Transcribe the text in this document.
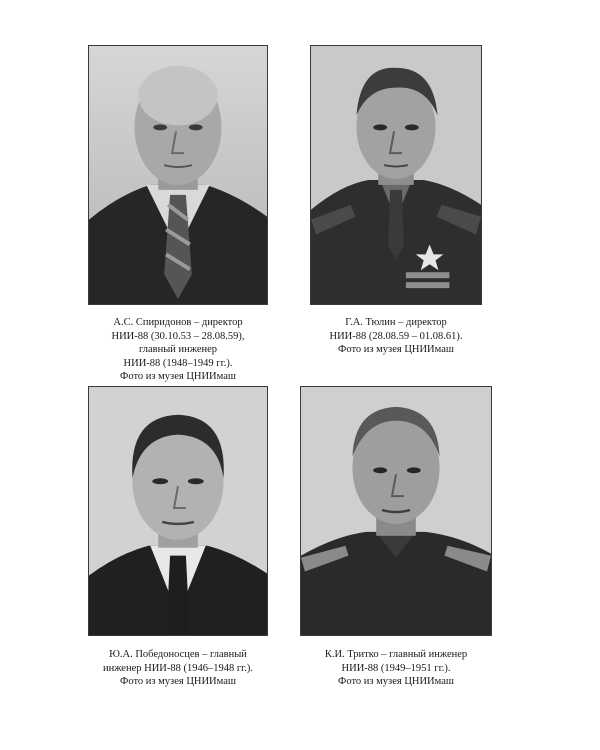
А.С. Спиридонов – директор
НИИ-88 (30.10.53 – 28.08.59),
главный инженер
НИИ-88 (1948–1949 гг.).
Фото из музея ЦНИИмаш
Г.А. Тюлин – директор
НИИ-88 (28.08.59 – 01.08.61).
Фото из музея ЦНИИмаш
Ю.А. Победоносцев – главный
инженер НИИ-88 (1946–1948 гг.).
Фото из музея ЦНИИмаш
К.И. Тритко – главный инженер
НИИ-88 (1949–1951 гг.).
Фото из музея ЦНИИмаш
